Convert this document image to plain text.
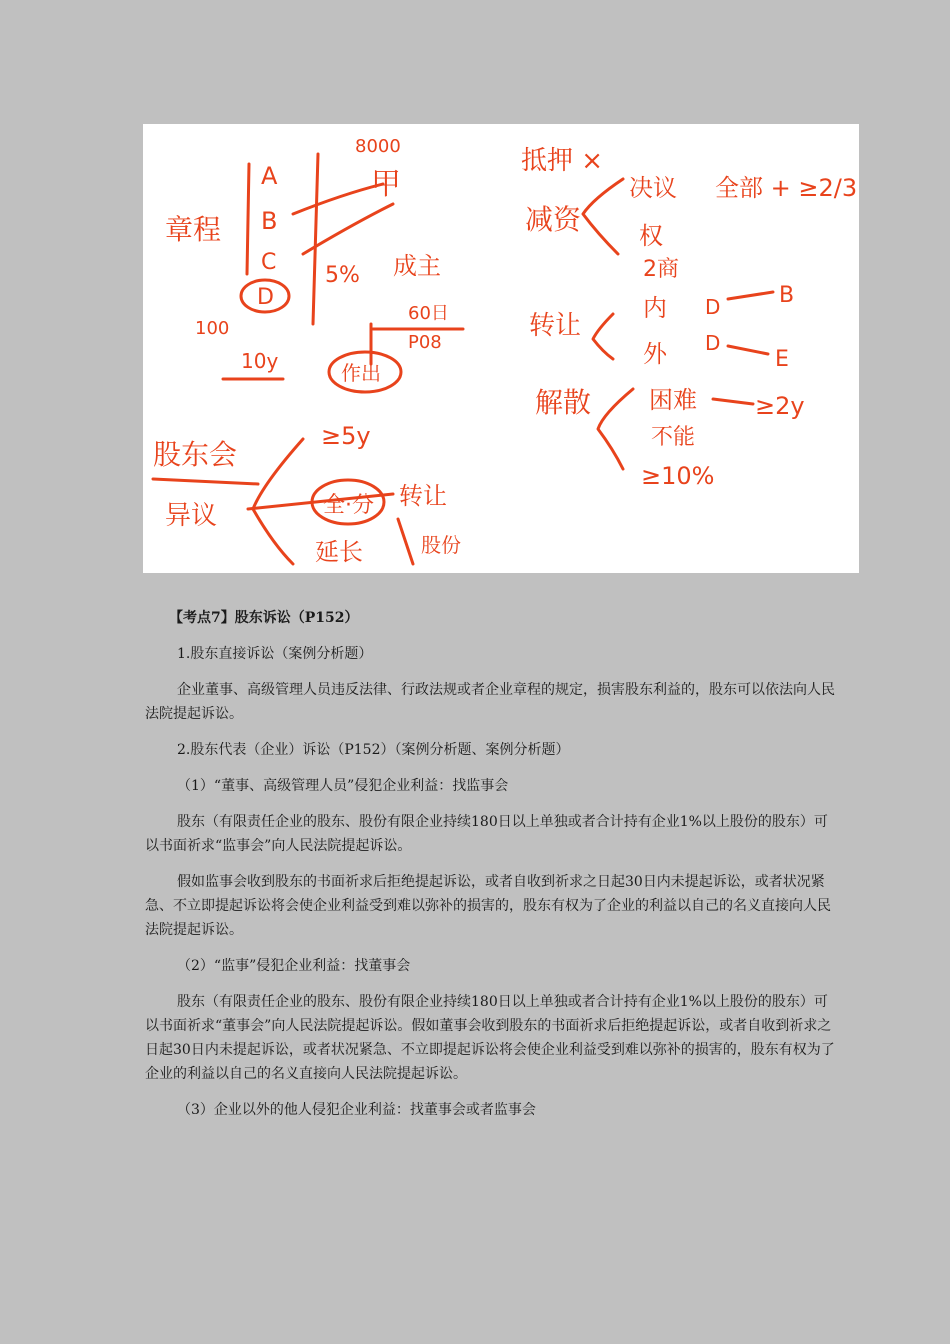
章程
A
B
C
D
100
10y
8000
甲
5% 成主
60日
P08
作出
股东会
异议
≥5y
全·分 转让
延长	股份
抵押 ×
减资
决议 全部 + ≥2/3
权
2商
转让
内
外
D	B
D
E
解散 困难 ≥2y
不能
≥10%
【考点7】股东诉讼（P152）

1.股东直接诉讼（案例分析题）

企业董事、高级管理人员违反法律、行政法规或者企业章程的规定，损害股东利益的，股东可以依法向人民法院提起诉讼。

2.股东代表（企业）诉讼（P152）（案例分析题、案例分析题）

（1）“董事、高级管理人员”侵犯企业利益：找监事会

股东（有限责任企业的股东、股份有限企业持续180日以上单独或者合计持有企业1%以上股份的股东）可以书面祈求“监事会”向人民法院提起诉讼。

假如监事会收到股东的书面祈求后拒绝提起诉讼，或者自收到祈求之日起30日内未提起诉讼，或者状况紧急、不立即提起诉讼将会使企业利益受到难以弥补的损害的，股东有权为了企业的利益以自己的名义直接向人民法院提起诉讼。

（2）“监事”侵犯企业利益：找董事会

股东（有限责任企业的股东、股份有限企业持续180日以上单独或者合计持有企业1%以上股份的股东）可以书面祈求“董事会”向人民法院提起诉讼。假如董事会收到股东的书面祈求后拒绝提起诉讼，或者自收到祈求之日起30日内未提起诉讼，或者状况紧急、不立即提起诉讼将会使企业利益受到难以弥补的损害的，股东有权为了企业的利益以自己的名义直接向人民法院提起诉讼。

（3）企业以外的他人侵犯企业利益：找董事会或者监事会
